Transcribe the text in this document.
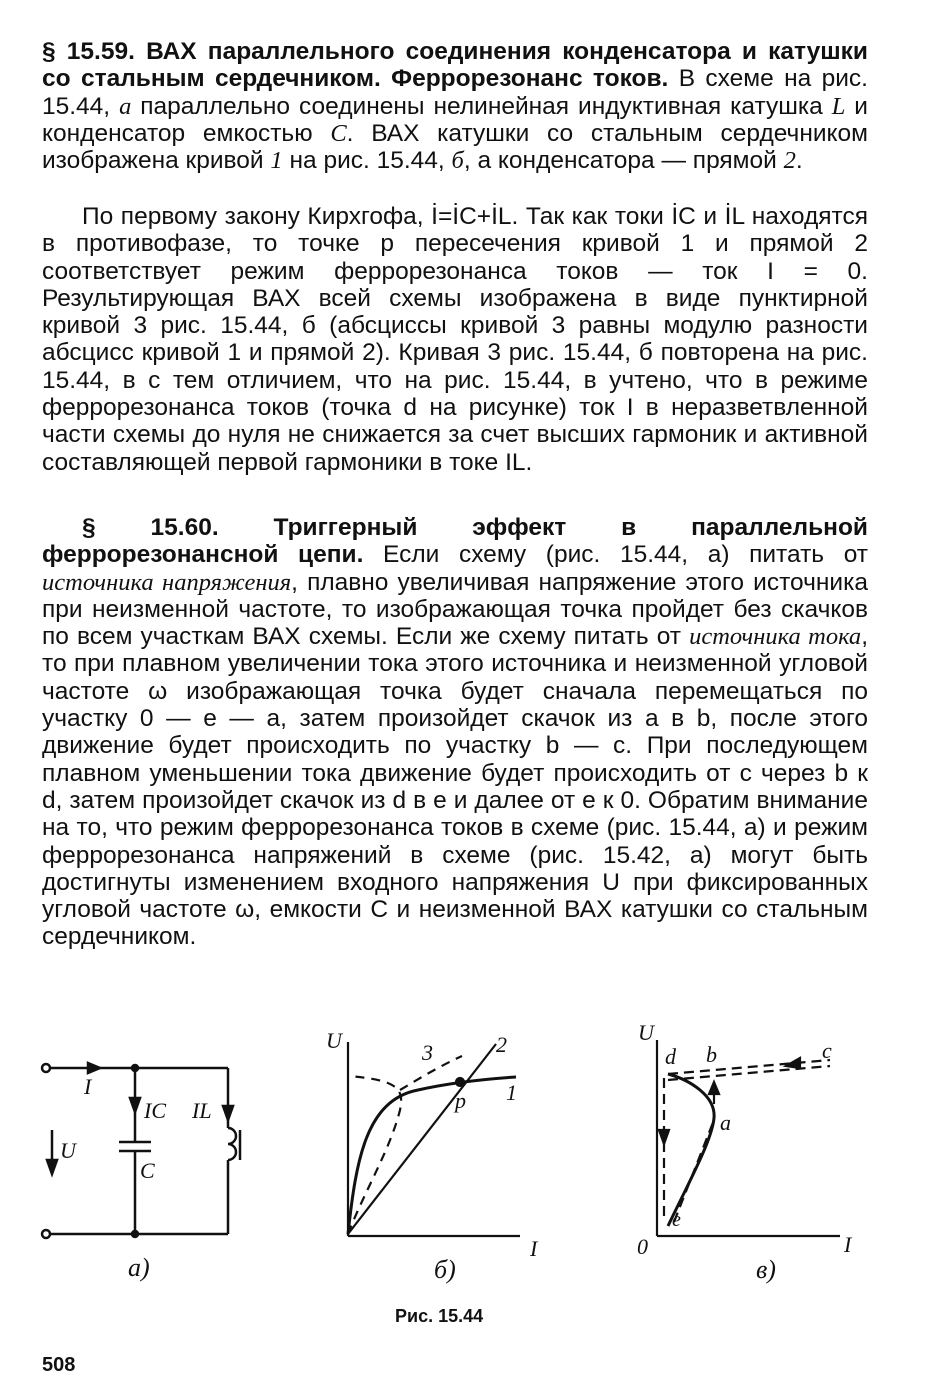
§ 15.59. ВАХ параллельного соединения конденсатора и катушки со стальным сердечником. Феррорезонанс токов. В схеме на рис. 15.44, а параллельно соединены нелинейная индуктивная катушка L и конденсатор емкостью C. ВАХ катушки со стальным сердечником изображена кривой 1 на рис. 15.44, б, а конденсатора — прямой 2.

По первому закону Кирхгофа, İ=İC+İL. Так как токи İC и İL находятся в противофазе, то точке p пересечения кривой 1 и прямой 2 соответствует режим феррорезонанса токов — ток I = 0. Результирующая ВАХ всей схемы изображена в виде пунктирной кривой 3 рис. 15.44, б (абсциссы кривой 3 равны модулю разности абсцисс кривой 1 и прямой 2). Кривая 3 рис. 15.44, б повторена на рис. 15.44, в с тем отличием, что на рис. 15.44, в учтено, что в режиме феррорезонанса токов (точка d на рисунке) ток I в неразветвленной части схемы до нуля не снижается за счет высших гармоник и активной составляющей первой гармоники в токе IL.

§ 15.60. Триггерный эффект в параллельной феррорезонансной цепи. Если схему (рис. 15.44, а) питать от источника напряжения, плавно увеличивая напряжение этого источника при неизменной частоте, то изображающая точка пройдет без скачков по всем участкам ВАХ схемы. Если же схему питать от источника тока, то при плавном увеличении тока этого источника и неизменной угловой частоте ω изображающая точка будет сначала перемещаться по участку 0 — e — a, затем произойдет скачок из a в b, после этого движение будет происходить по участку b — c. При последующем плавном уменьшении тока движение будет происходить от c через b к d, затем произойдет скачок из d в e и далее от e к 0. Обратим внимание на то, что режим феррорезонанса токов в схеме (рис. 15.44, а) и режим феррорезонанса напряжений в схеме (рис. 15.42, а) могут быть достигнуты изменением входного напряжения U при фиксированных угловой частоте ω, емкости C и неизменной ВАХ катушки со стальным сердечником.

I
U
IC IL
C
а)
U
I
3	2
1
p
б)
U
I
0
d b	c
a
e
в)
Рис. 15.44
508
